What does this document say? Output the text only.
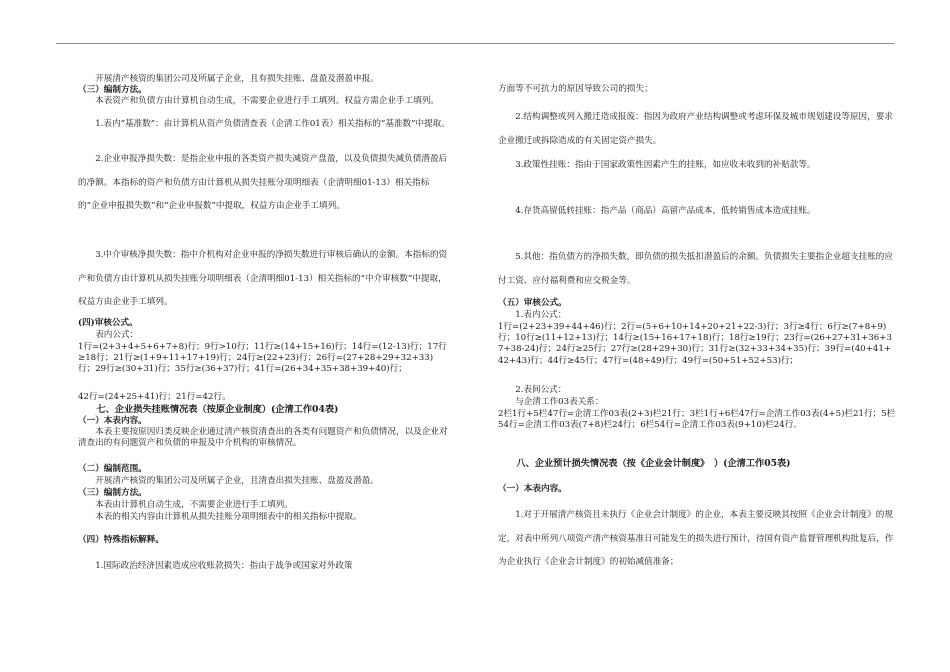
开展清产核资的集团公司及所属子企业，且有损失挂账、盘盈及潜盈申报。

（三）编制方法。

本表资产和负债方由计算机自动生成，不需要企业进行手工填列。权益方需企业手工填列。

1.表内“基准数”：由计算机从资产负债清查表（企清工作01表）相关指标的“基准数”中提取。

2.企业申报净损失数：是指企业申报的各类资产损失减资产盘盈，以及负债损失减负债潜盈后的净额。本指标的资产和负债方由计算机从损失挂账分项明细表（企清明细01-13）相关指标的“企业申报损失数”和“企业申报数”中提取，权益方由企业手工填列。

3.中介审核净损失数：指中介机构对企业申报的净损失数进行审核后确认的金额。本指标的资产和负债方由计算机从损失挂账分项明细表（企清明细01-13）相关指标的“中介审核数”中提取，权益方由企业手工填列。

(四)审核公式。

表内公式：

1行=(2+3+4+5+6+7+8)行；9行>10行；11行≥(14+15+16)行；14行=(12-13)行；17行≥18行；21行≥(1+9+11+17+19)行；24行≥(22+23)行；26行=(27+28+29+32+33)行；29行≥(30+31)行；35行≥(36+37)行；41行=(26+34+35+38+39+40)行；

42行=(24+25+41)行；21行=42行。

七、企业损失挂账情况表（按原企业制度）(企清工作04表)

（一）本表内容。

本表主要按原因归类反映企业通过清产核资清查出的各类有问题资产和负债情况，以及企业对清查出的有问题资产和负债的申报及中介机构的审核情况。

（二）编制范围。

开展清产核资的集团公司及所属子企业，且清查出损失挂账、盘盈及潜盈。

（三）编制方法。

本表由计算机自动生成，不需要企业进行手工填列。

本表的相关内容由计算机从损失挂账分项明细表中的相关指标中提取。

（四）特殊指标解释。

1.国际政治经济因素造成应收账款损失：指由于战争或国家对外政策

方面等不可抗力的原因导致公司的损失；

2.结构调整或列入搬迁造成报废：指因为政府产业结构调整或考虑环保及城市规划建设等原因，要求企业搬迁或拆除造成的有关固定资产损失。

3.政策性挂账：指由于国家政策性因素产生的挂账，如应收未收到的补贴款等。

4.存货高留低转挂账：指产品（商品）高留产品成本，低转销售成本造成挂账。

5.其他：指负债方的净损失数，即负债的损失抵扣潜盈后的余额。负债损失主要指企业超支挂账的应付工资、应付福利费和应交税金等。

（五）审核公式。

1.表内公式：

1行=(2+23+39+44+46)行；2行=(5+6+10+14+20+21+22-3)行；3行≥4行；6行≥(7+8+9)行；10行≥(11+12+13)行；14行≥(15+16+17+18)行；18行≥19行；23行=(26+27+31+36+37+38-24)行；24行≥25行；27行≥(28+29+30)行；31行≥(32+33+34+35)行；39行=(40+41+42+43)行；44行≥45行；47行=(48+49)行；49行=(50+51+52+53)行；

2.表间公式：

与企清工作03表关系：

2栏1行+5栏47行=企清工作03表(2+3)栏21行；3栏1行+6栏47行=企清工作03表(4+5)栏21行；5栏54行=企清工作03表(7+8)栏24行；6栏54行=企清工作03表(9+10)栏24行。

八、企业预计损失情况表（按《企业会计制度》　）(企清工作05表)

（一）本表内容。

1.对于开展清产核资且未执行《企业会计制度》的企业，本表主要反映其按照《企业会计制度》的规定，对表中所列八项资产清产核资基准日可能发生的损失进行预计，待国有资产监督管理机构批复后，作为企业执行《企业会计制度》的初始减值准备；
